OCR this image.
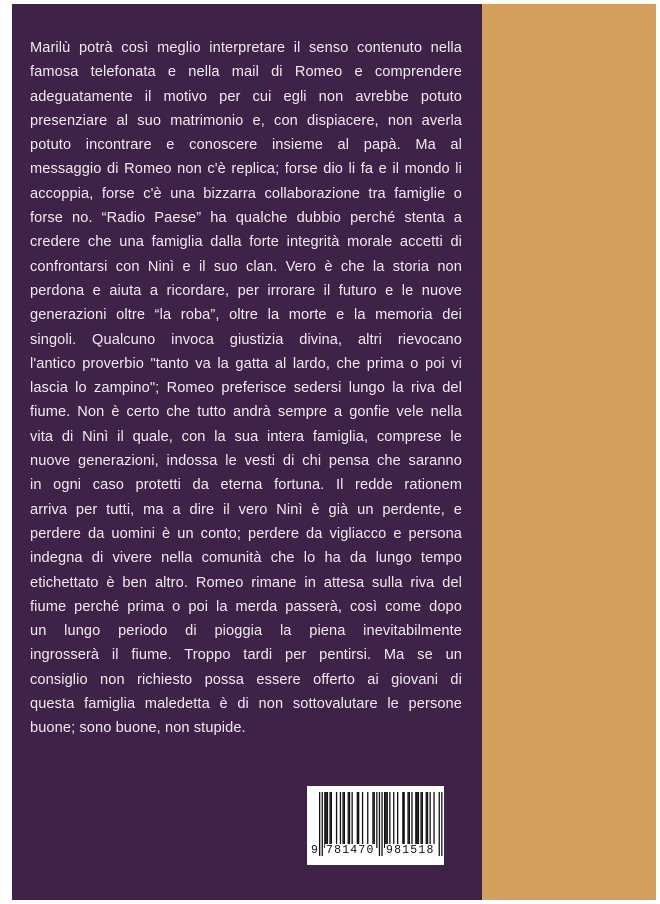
Marilù potrà così meglio interpretare il senso contenuto nella
famosa telefonata e nella mail di Romeo e comprendere
adeguatamente il motivo per cui egli non avrebbe potuto
presenziare al suo matrimonio e, con dispiacere, non averla
potuto incontrare e conoscere insieme al papà. Ma al
messaggio di Romeo non c'è replica; forse dio li fa e il mondo li
accoppia, forse c'è una bizzarra collaborazione tra famiglie o
forse no. “Radio Paese” ha qualche dubbio perché stenta a
credere che una famiglia dalla forte integrità morale accetti di
confrontarsi con Ninì e il suo clan. Vero è che la storia non
perdona e aiuta a ricordare, per irrorare il futuro e le nuove
generazioni oltre “la roba”, oltre la morte e la memoria dei
singoli. Qualcuno invoca giustizia divina, altri rievocano
l'antico proverbio "tanto va la gatta al lardo, che prima o poi vi
lascia lo zampino"; Romeo preferisce sedersi lungo la riva del
fiume. Non è certo che tutto andrà sempre a gonfie vele nella
vita di Ninì il quale, con la sua intera famiglia, comprese le
nuove generazioni, indossa le vesti di chi pensa che saranno
in ogni caso protetti da eterna fortuna. Il redde rationem
arriva per tutti, ma a dire il vero Ninì è già un perdente, e
perdere da uomini è un conto; perdere da vigliacco e persona
indegna di vivere nella comunità che lo ha da lungo tempo
etichettato è ben altro. Romeo rimane in attesa sulla riva del
fiume perché prima o poi la merda passerà, così come dopo
un lungo periodo di pioggia la piena inevitabilmente
ingrosserà il fiume. Troppo tardi per pentirsi. Ma se un
consiglio non richiesto possa essere offerto ai giovani di
questa famiglia maledetta è di non sottovalutare le persone
buone; sono buone, non stupide.

9 781470 981518
